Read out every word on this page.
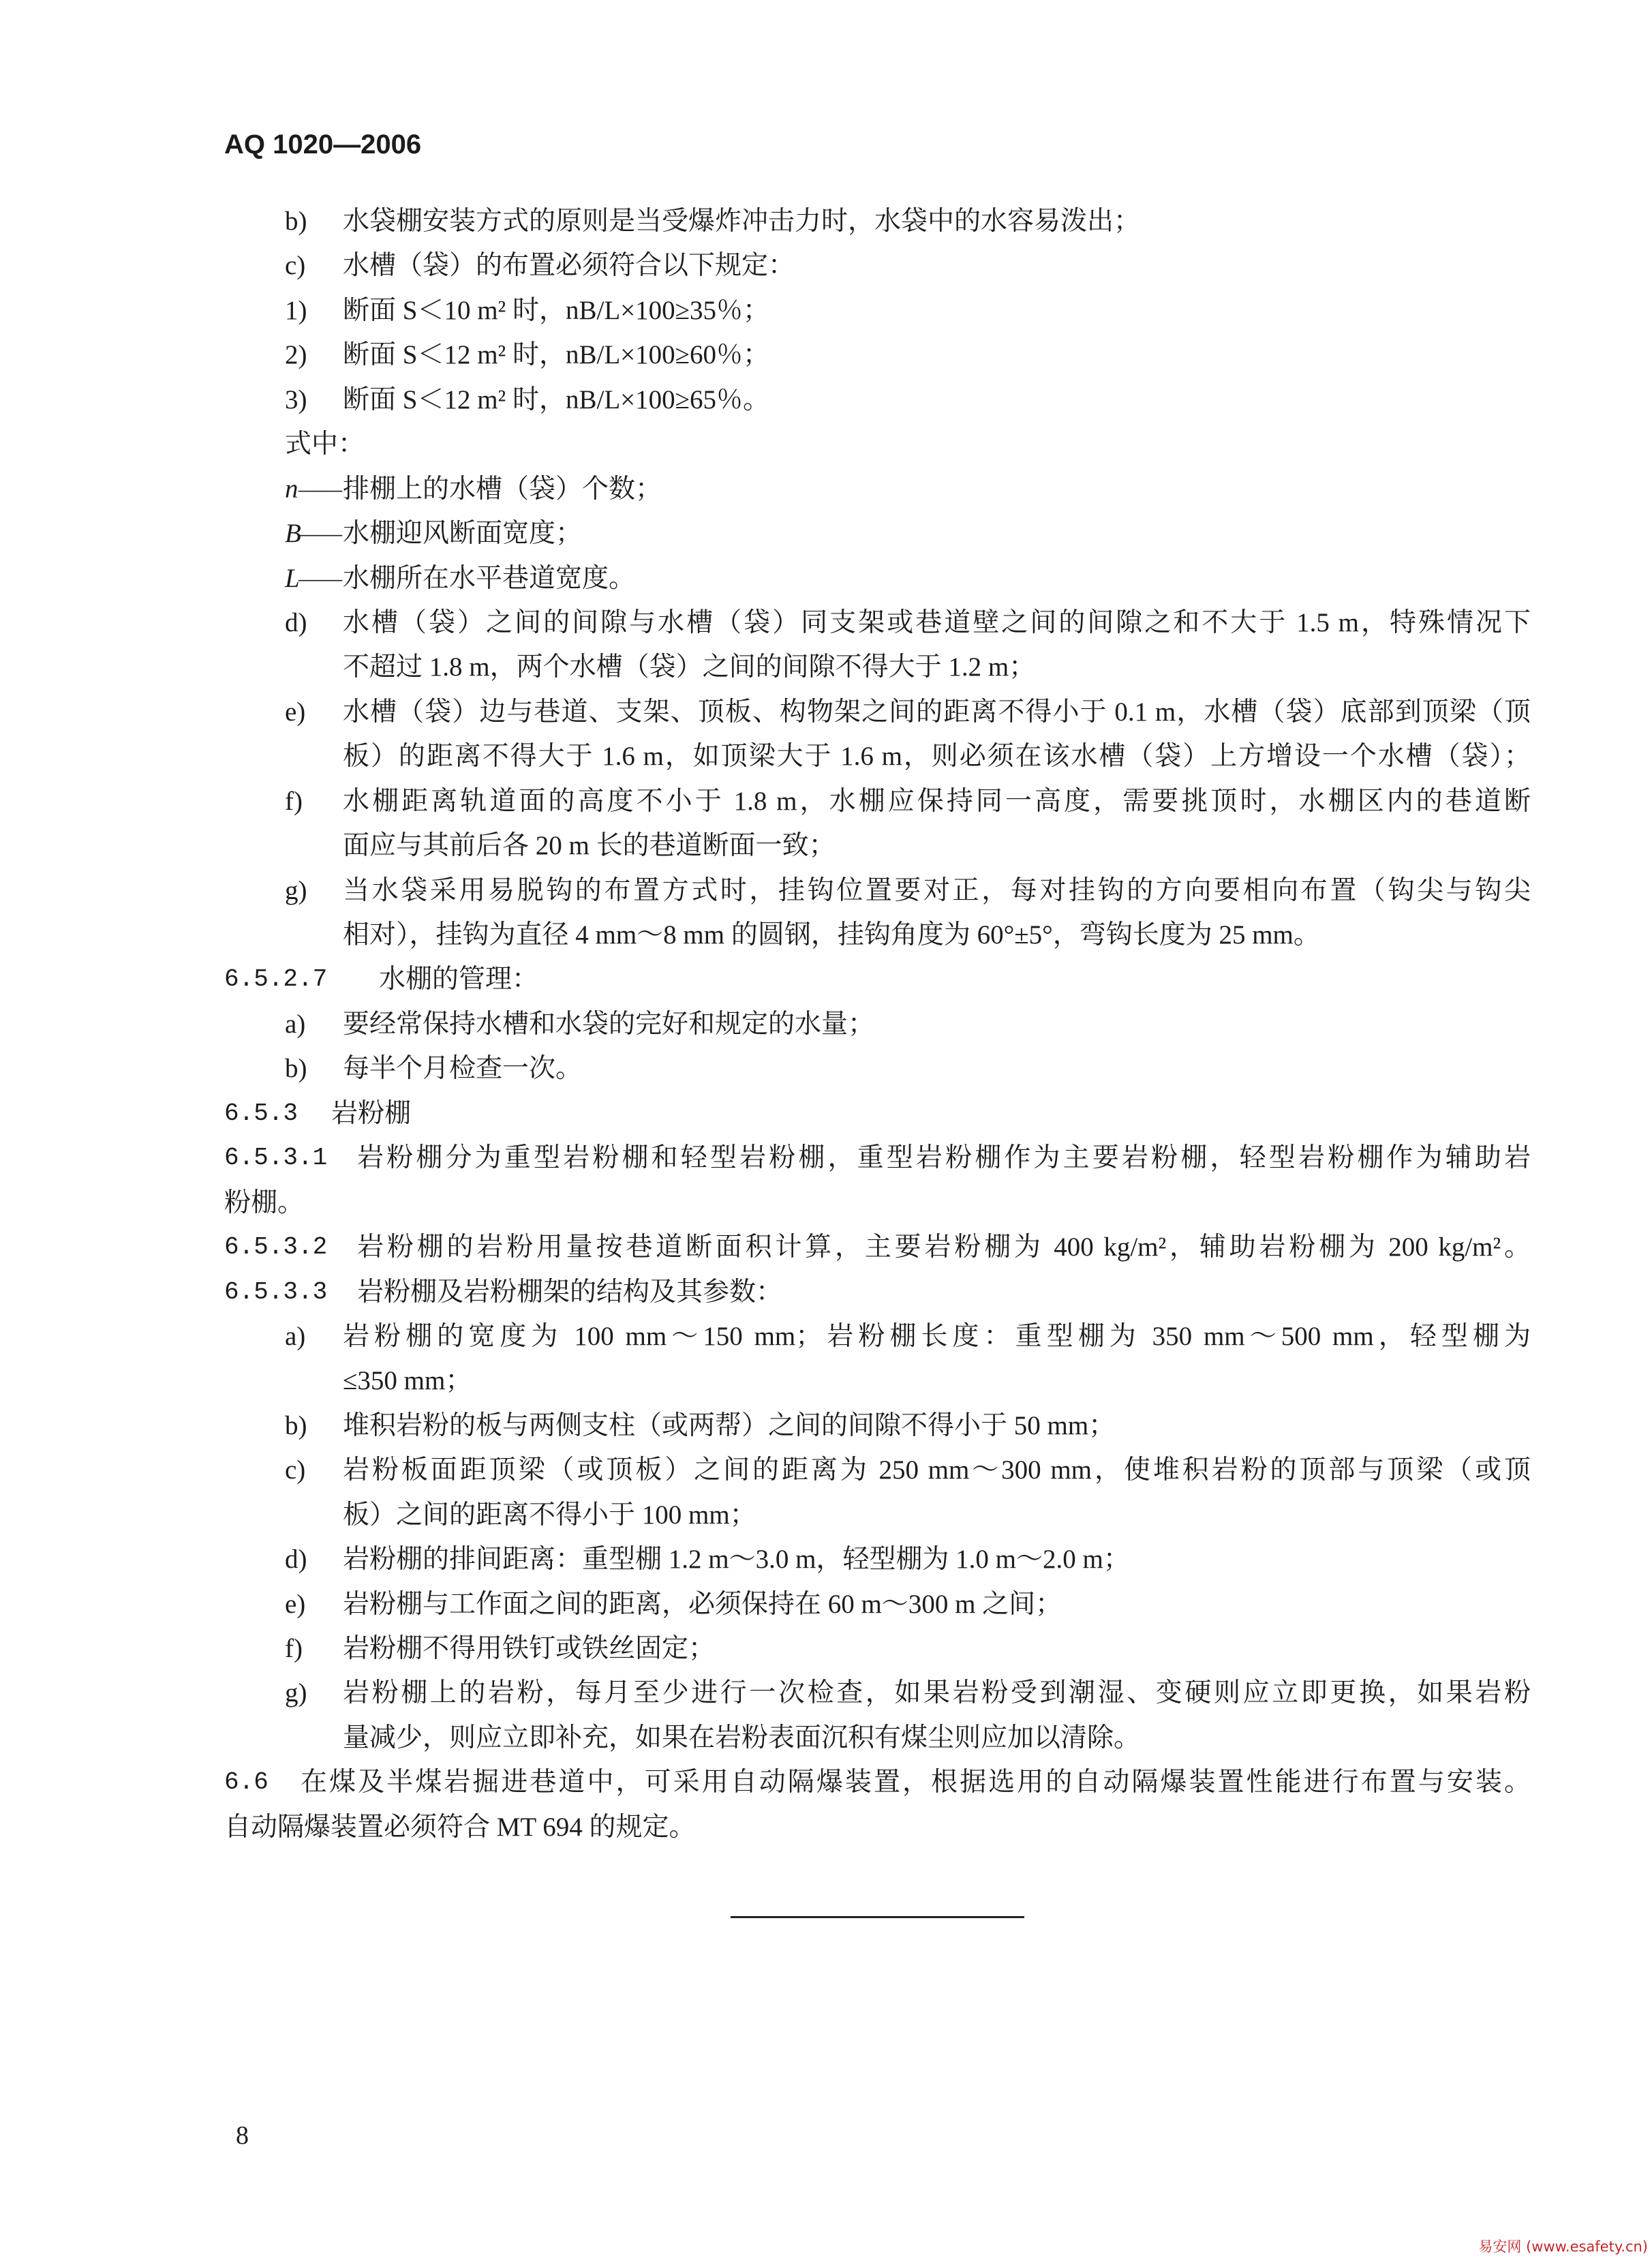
AQ 1020—2006
b) 水袋棚安装方式的原则是当受爆炸冲击力时，水袋中的水容易泼出；
c) 水槽（袋）的布置必须符合以下规定：
1) 断面 S＜10 m² 时，nB/L×100≥35％；
2) 断面 S＜12 m² 时，nB/L×100≥60％；
3) 断面 S＜12 m² 时，nB/L×100≥65％。
式中：
n —— 排棚上的水槽（袋）个数；
B
—— 水棚迎风断面宽度；
L
—— 水棚所在水平巷道宽度。
d) 水槽（袋）之间的间隙与水槽（袋）同支架或巷道壁之间的间隙之和不大于 1.5 m，特殊情况下
不超过 1.8 m，两个水槽（袋）之间的间隙不得大于 1.2 m；
e) 水槽（袋）边与巷道、支架、顶板、构物架之间的距离不得小于 0.1 m，水槽（袋）底部到顶梁（顶
板）的距离不得大于 1.6 m，如顶梁大于 1.6 m，则必须在该水槽（袋）上方增设一个水槽（袋）；
f) 水棚距离轨道面的高度不小于 1.8 m，水棚应保持同一高度，需要挑顶时，水棚区内的巷道断
面应与其前后各 20 m 长的巷道断面一致；
g) 当水袋采用易脱钩的布置方式时，挂钩位置要对正，每对挂钩的方向要相向布置（钩尖与钩尖
相对），挂钩为直径 4 mm～8 mm 的圆钢，挂钩角度为 60°±5°，弯钩长度为 25 mm。
6.5.2.7 水棚的管理：
a) 要经常保持水槽和水袋的完好和规定的水量；
b) 每半个月检查一次。
6.5.3 岩粉棚
6.5.3.1 岩粉棚分为重型岩粉棚和轻型岩粉棚，重型岩粉棚作为主要岩粉棚，轻型岩粉棚作为辅助岩
粉棚。
6.5.3.2 岩粉棚的岩粉用量按巷道断面积计算，主要岩粉棚为 400 kg/m²，辅助岩粉棚为 200 kg/m²。
6.5.3.3 岩粉棚及岩粉棚架的结构及其参数：
a) 岩粉棚的宽度为 100 mm～150 mm；岩粉棚长度：重型棚为 350 mm～500 mm，轻型棚为
≤350 mm；
b) 堆积岩粉的板与两侧支柱（或两帮）之间的间隙不得小于 50 mm；
c) 岩粉板面距顶梁（或顶板）之间的距离为 250 mm～300 mm，使堆积岩粉的顶部与顶梁（或顶
板）之间的距离不得小于 100 mm；
d) 岩粉棚的排间距离：重型棚 1.2 m～3.0 m，轻型棚为 1.0 m～2.0 m；
e) 岩粉棚与工作面之间的距离，必须保持在 60 m～300 m 之间；
f) 岩粉棚不得用铁钉或铁丝固定；
g) 岩粉棚上的岩粉，每月至少进行一次检查，如果岩粉受到潮湿、变硬则应立即更换，如果岩粉
量减少，则应立即补充，如果在岩粉表面沉积有煤尘则应加以清除。
6.6 在煤及半煤岩掘进巷道中，可采用自动隔爆装置，根据选用的自动隔爆装置性能进行布置与安装。
自动隔爆装置必须符合 MT 694 的规定。
8
易安网 (www.esafety.cn)
